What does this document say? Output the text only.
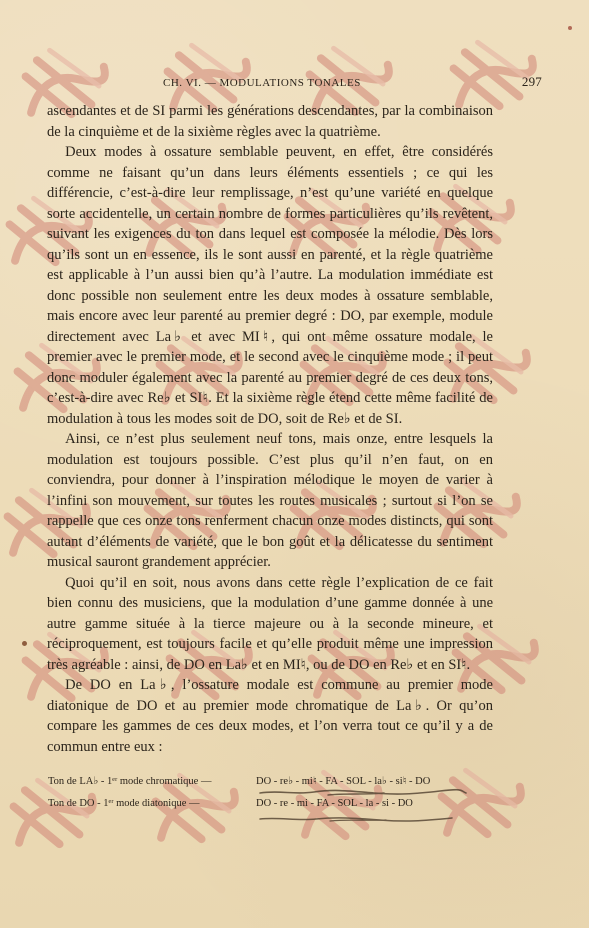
CH. VI. — MODULATIONS TONALES	297

ascendantes et de SI parmi les générations descendantes, par la combinaison de la cinquième et de la sixième règles avec la quatrième.

Deux modes à ossature semblable peuvent, en effet, être considérés comme ne faisant qu’un dans leurs éléments essentiels ; ce qui les différencie, c’est-à-dire leur remplissage, n’est qu’une variété en quelque sorte accidentelle, un certain nombre de formes particulières qu’ils revêtent, suivant les exigences du ton dans lequel est composée la mélodie. Dès lors qu’ils sont un en essence, ils le sont aussi en parenté, et la règle quatrième est applicable à l’un aussi bien qu’à l’autre. La modulation immédiate est donc possible non seulement entre les deux modes à ossature semblable, mais encore avec leur parenté au premier degré : DO, par exemple, module directement avec La♭ et avec MI♮, qui ont même ossature modale, le premier avec le premier mode, et le second avec le cinquième mode ; il peut donc moduler également avec la parenté au premier degré de ces deux tons, c’est-à-dire avec Re♭ et SI♮. Et la sixième règle étend cette même facilité de modulation à tous les modes soit de DO, soit de Re♭ et de SI.

Ainsi, ce n’est plus seulement neuf tons, mais onze, entre lesquels la modulation est toujours possible. C’est plus qu’il n’en faut, on en conviendra, pour donner à l’inspiration mélodique le moyen de varier à l’infini son mouvement, sur toutes les routes musicales ; surtout si l’on se rappelle que ces onze tons renferment chacun onze modes distincts, qui sont autant d’éléments de variété, que le bon goût et la délicatesse du sentiment musical sauront grandement apprécier.

Quoi qu’il en soit, nous avons dans cette règle l’explication de ce fait bien connu des musiciens, que la modulation d’une gamme donnée à une autre gamme située à la tierce majeure ou à la seconde mineure, et réciproquement, est toujours facile et qu’elle produit même une impression très agréable : ainsi, de DO en La♭ et en MI♮, ou de DO en Re♭ et en SI♮.

De DO en La♭, l’ossature modale est commune au premier mode diatonique de DO et au premier mode chromatique de La♭. Or qu’on compare les gammes de ces deux modes, et l’on verra tout ce qu’il y a de commun entre eux :

Ton de LA♭ - 1ᵉʳ mode chromatique —	DO - re♭ - mi♮ - FA - SOL - la♭ - si♮ - DO
Ton de DO - 1ᵉʳ mode diatonique —	DO - re - mi - FA - SOL - la - si - DO
